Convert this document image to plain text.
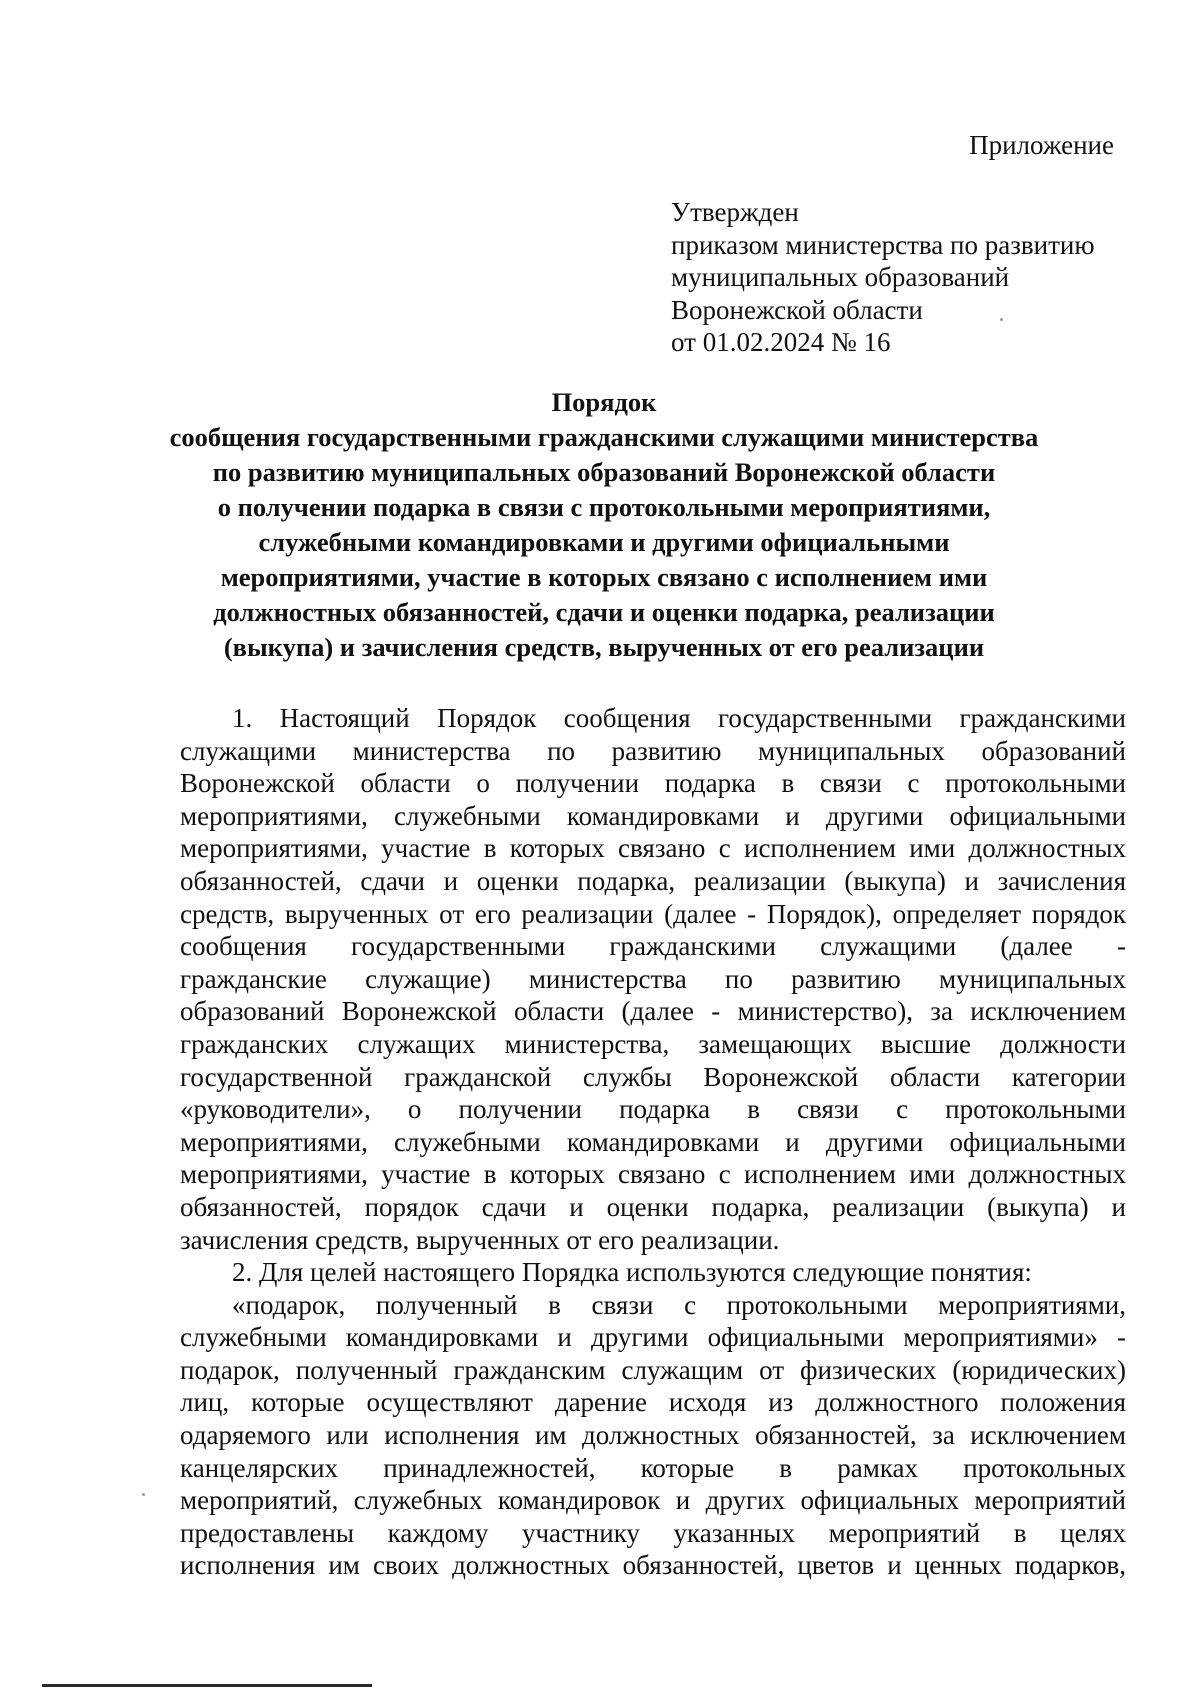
Приложение
Утвержден
приказом министерства по развитию
муниципальных образований
Воронежской области
от 01.02.2024 № 16
Порядок
сообщения государственными гражданскими служащими министерства
по развитию муниципальных образований Воронежской области
о получении подарка в связи с протокольными мероприятиями,
служебными командировками и другими официальными
мероприятиями, участие в которых связано с исполнением ими
должностных обязанностей, сдачи и оценки подарка, реализации
(выкупа) и зачисления средств, вырученных от его реализации
1. Настоящий Порядок сообщения государственными гражданскими
служащими министерства по развитию муниципальных образований
Воронежской области о получении подарка в связи с протокольными
мероприятиями, служебными командировками и другими официальными
мероприятиями, участие в которых связано с исполнением ими должностных
обязанностей, сдачи и оценки подарка, реализации (выкупа) и зачисления
средств, вырученных от его реализации (далее - Порядок), определяет порядок
сообщения государственными гражданскими служащими (далее -
гражданские служащие) министерства по развитию муниципальных
образований Воронежской области (далее - министерство), за исключением
гражданских служащих министерства, замещающих высшие должности
государственной гражданской службы Воронежской области категории
«руководители», о получении подарка в связи с протокольными
мероприятиями, служебными командировками и другими официальными
мероприятиями, участие в которых связано с исполнением ими должностных
обязанностей, порядок сдачи и оценки подарка, реализации (выкупа) и
зачисления средств, вырученных от его реализации.
2. Для целей настоящего Порядка используются следующие понятия:
«подарок, полученный в связи с протокольными мероприятиями,
служебными командировками и другими официальными мероприятиями» -
подарок, полученный гражданским служащим от физических (юридических)
лиц, которые осуществляют дарение исходя из должностного положения
одаряемого или исполнения им должностных обязанностей, за исключением
канцелярских принадлежностей, которые в рамках протокольных
мероприятий, служебных командировок и других официальных мероприятий
предоставлены каждому участнику указанных мероприятий в целях
исполнения им своих должностных обязанностей, цветов и ценных подарков,
